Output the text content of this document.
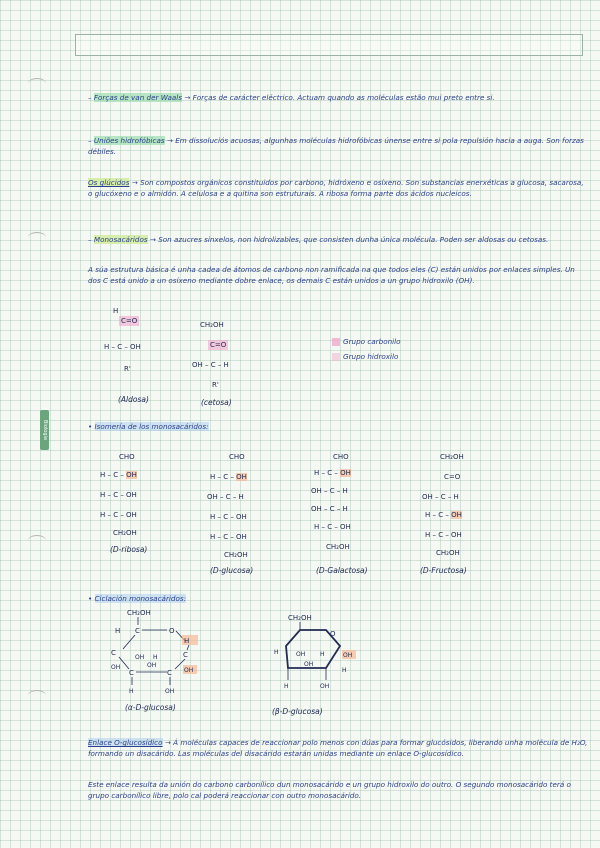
Biologia
– Forças de van der Waals → Forças de carácter eléctrico. Actuam quando as moléculas estão mui preto entre si.
– Uniões hidrofóbicas → Em dissoluciós acuosas, algunhas moléculas hidrofóbicas únense entre si pola repulsión hacia a auga. Son forzas débiles.
Os glúcidos → Son compostos orgánicos constituidos por carbono, hidróxeno e osíxeno. Son substancias enerxéticas a glucosa, sacarosa, o glucóxeno e o almidón. A celulosa e a quitina son estruturais. A ribosa forma parte dos ácidos nucleicos.
– Monosacáridos → Son azucres sinxelos, non hidrolizables, que consisten dunha única molécula. Poden ser aldosas ou cetosas.
A súa estrutura básica é unha cadea de átomos de carbono non ramificada na que todos eles (C) están unidos por enlaces simples. Un dos C está unido a un osíxeno mediante dobre enlace, os demais C están unidos a un grupo hidroxilo (OH).
H
C=O
H – C – OH
R'
(Aldosa)
CH₂OH
C=O
OH – C – H
R'
(cetosa)
Grupo carbonilo
Grupo hidroxilo
• Isomería de los monosacáridos:
CHO
H – C – OH
H – C – OH
H – C – OH
CH₂OH
(D-ribosa)
CHO
H – C – OH
OH – C – H
H – C – OH
H – C – OH
CH₂OH
(D-glucosa)
CHO
H – C – OH
OH – C – H
OH – C – H
H – C – OH
CH₂OH
(D-Galactosa)
CH₂OH
C=O
OH – C – H
H – C – OH
H – C – OH
CH₂OH
(D-Fructosa)
• Ciclación monosacáridos:
CH₂OH
H C	O
H
C
OH H	C
C	C
OH	OH
OH
H	OH
(α-D-glucosa)
CH₂OH
O
OH
OH H
H
OH
H
H	OH
(β-D-glucosa)
Enlace O-glucosídico → Á moléculas capaces de reaccionar polo menos con dúas para formar glucósidos, liberando unha molécula de H₂O, formando un disacárido. Las moléculas del disacárido estarán unidas mediante un enlace O-glucosídico.
Este enlace resulta da unión do carbono carbonílico dun monosacárido e un grupo hidroxilo do outro. O segundo monosacárido terá o grupo carbonílico libre, polo cal poderá reaccionar con outro monosacárido.
